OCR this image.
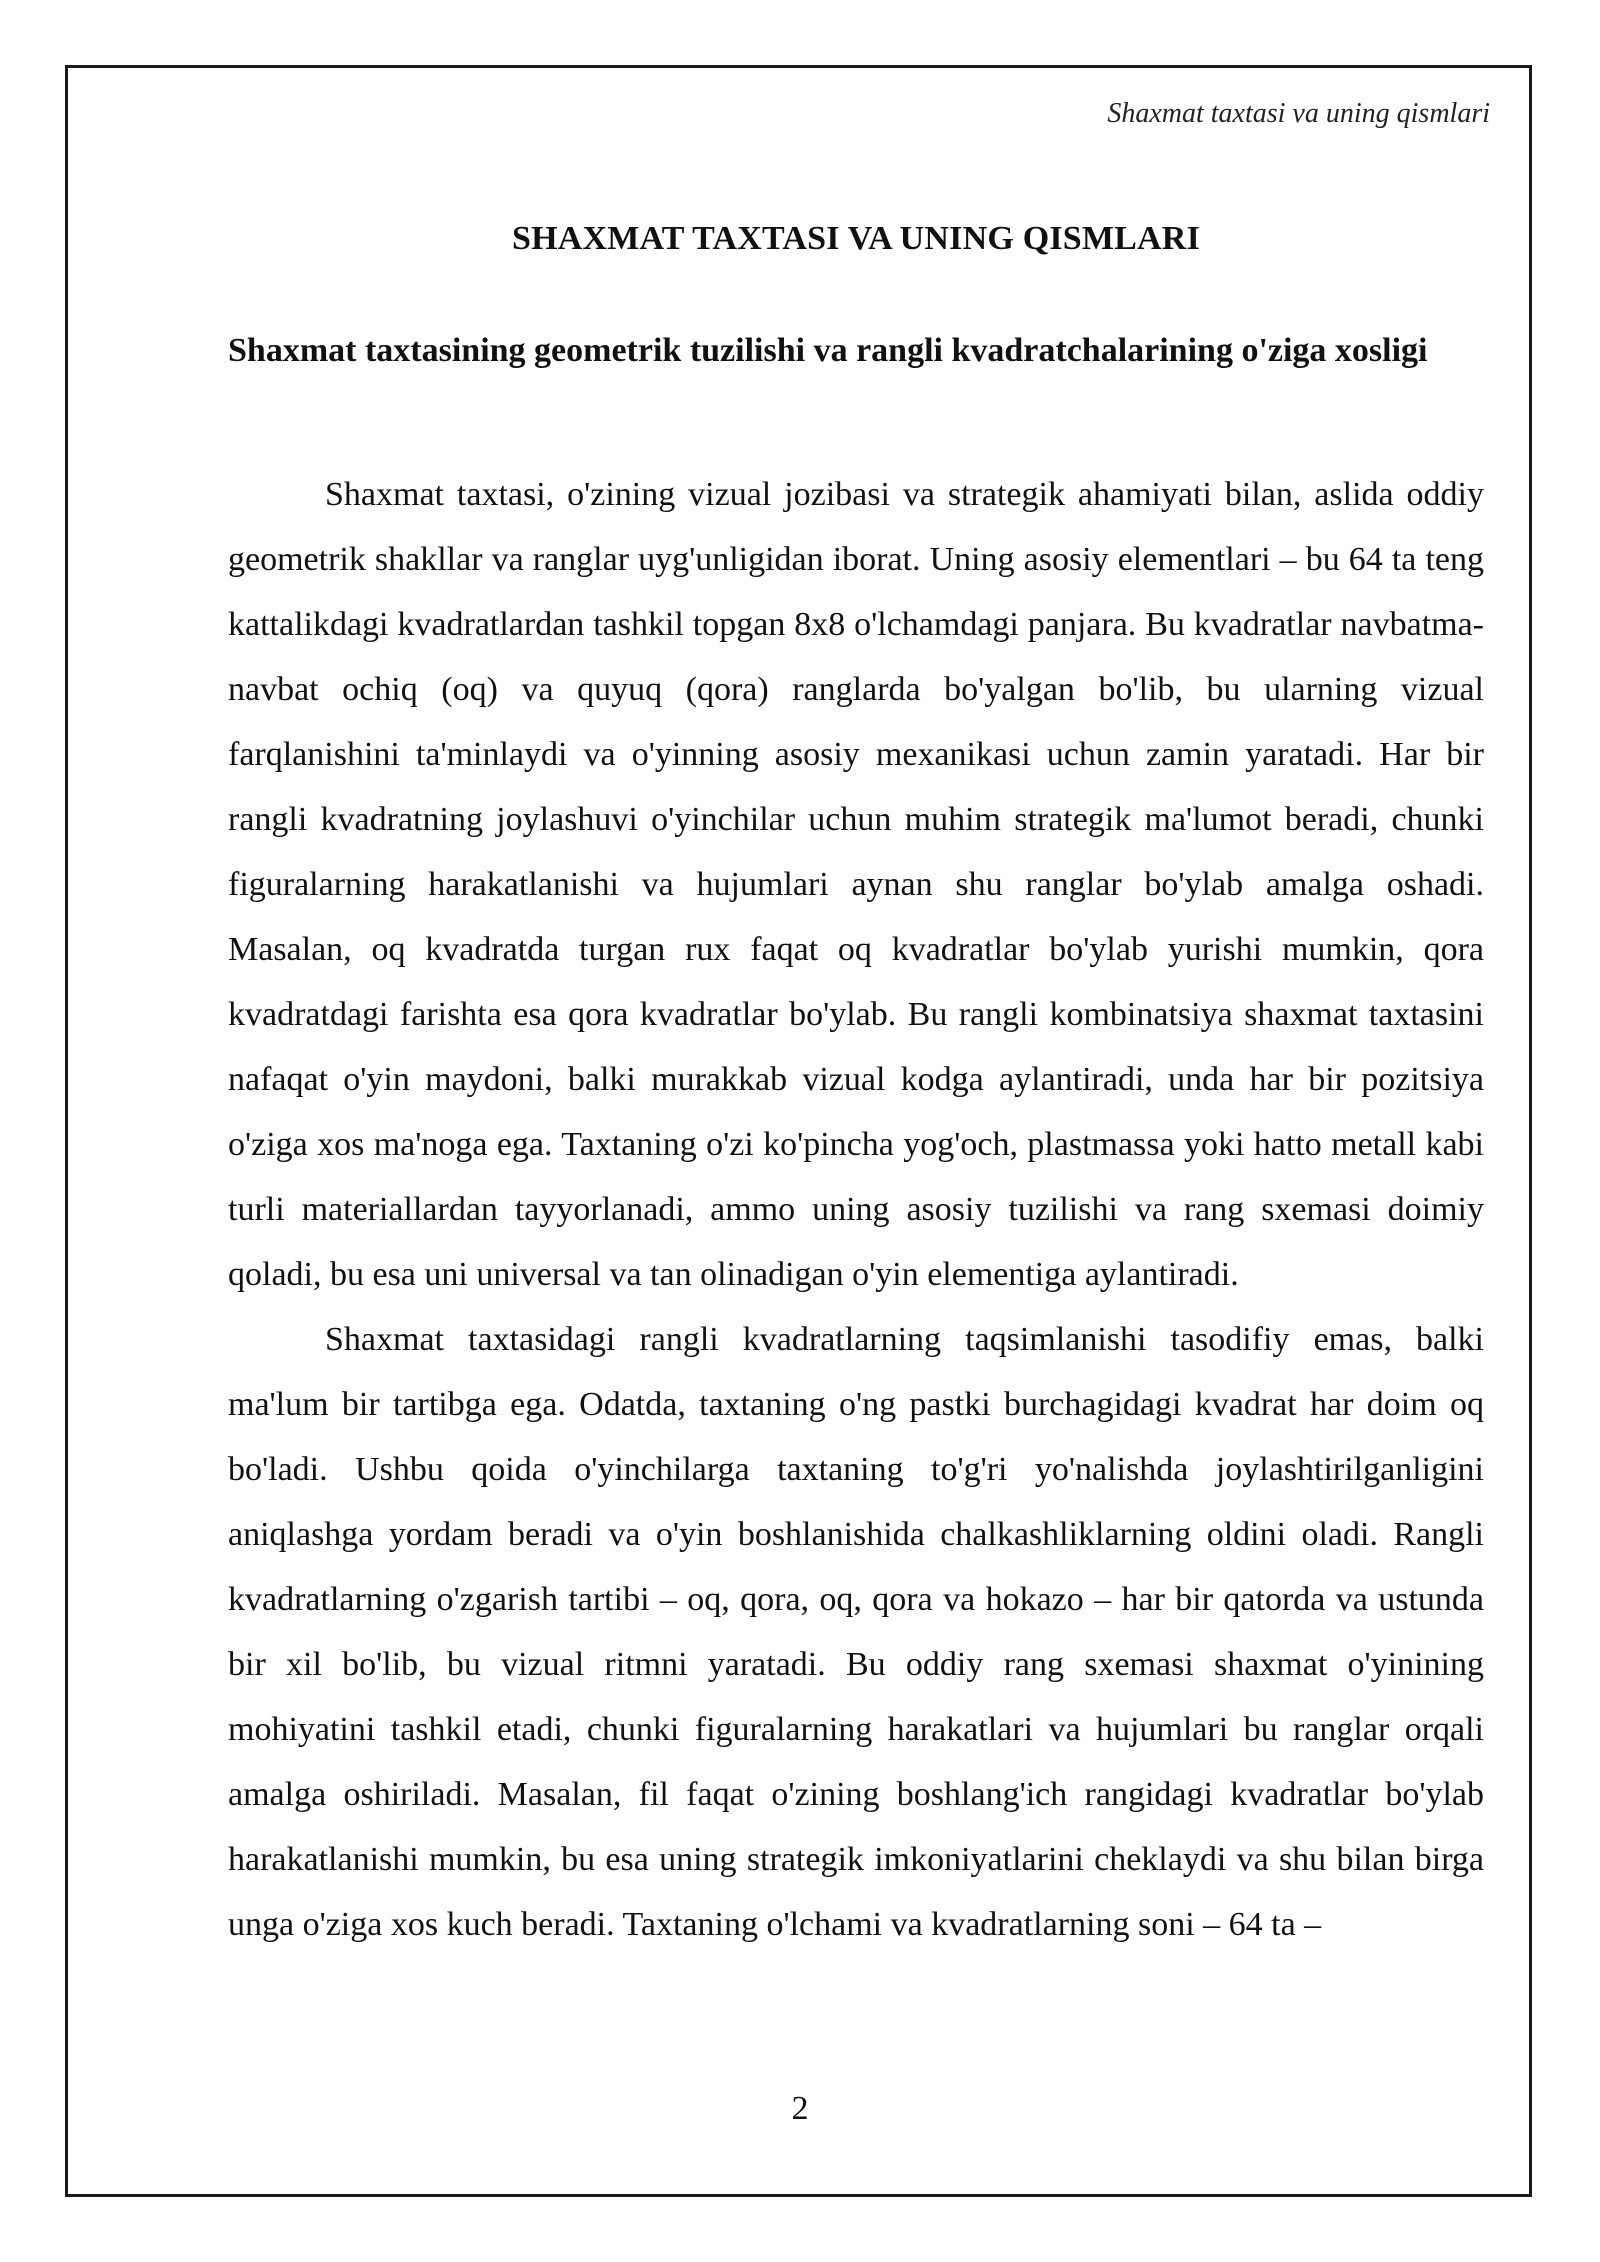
Shaxmat taxtasi va uning qismlari
SHAXMAT TAXTASI VA UNING QISMLARI
Shaxmat taxtasining geometrik tuzilishi va rangli kvadratchalarining o'ziga xosligi

Shaxmat taxtasi, o'zining vizual jozibasi va strategik ahamiyati bilan, aslida oddiy geometrik shakllar va ranglar uyg'unligidan iborat. Uning asosiy elementlari – bu 64 ta teng kattalikdagi kvadratlardan tashkil topgan 8x8 o'lchamdagi panjara. Bu kvadratlar navbatma-navbat ochiq (oq) va quyuq (qora) ranglarda bo'yalgan bo'lib, bu ularning vizual farqlanishini ta'minlaydi va o'yinning asosiy mexanikasi uchun zamin yaratadi. Har bir rangli kvadratning joylashuvi o'yinchilar uchun muhim strategik ma'lumot beradi, chunki figuralarning harakatlanishi va hujumlari aynan shu ranglar bo'ylab amalga oshadi. Masalan, oq kvadratda turgan rux faqat oq kvadratlar bo'ylab yurishi mumkin, qora kvadratdagi farishta esa qora kvadratlar bo'ylab. Bu rangli kombinatsiya shaxmat taxtasini nafaqat o'yin maydoni, balki murakkab vizual kodga aylantiradi, unda har bir pozitsiya o'ziga xos ma'noga ega. Taxtaning o'zi ko'pincha yog'och, plastmassa yoki hatto metall kabi turli materiallardan tayyorlanadi, ammo uning asosiy tuzilishi va rang sxemasi doimiy qoladi, bu esa uni universal va tan olinadigan o'yin elementiga aylantiradi.

Shaxmat taxtasidagi rangli kvadratlarning taqsimlanishi tasodifiy emas, balki ma'lum bir tartibga ega. Odatda, taxtaning o'ng pastki burchagidagi kvadrat har doim oq bo'ladi. Ushbu qoida o'yinchilarga taxtaning to'g'ri yo'nalishda joylashtirilganligini aniqlashga yordam beradi va o'yin boshlanishida chalkashliklarning oldini oladi. Rangli kvadratlarning o'zgarish tartibi – oq, qora, oq, qora va hokazo – har bir qatorda va ustunda bir xil bo'lib, bu vizual ritmni yaratadi. Bu oddiy rang sxemasi shaxmat o'yinining mohiyatini tashkil etadi, chunki figuralarning harakatlari va hujumlari bu ranglar orqali amalga oshiriladi. Masalan, fil faqat o'zining boshlang'ich rangidagi kvadratlar bo'ylab harakatlanishi mumkin, bu esa uning strategik imkoniyatlarini cheklaydi va shu bilan birga unga o'ziga xos kuch beradi. Taxtaning o'lchami va kvadratlarning soni – 64 ta –

2
